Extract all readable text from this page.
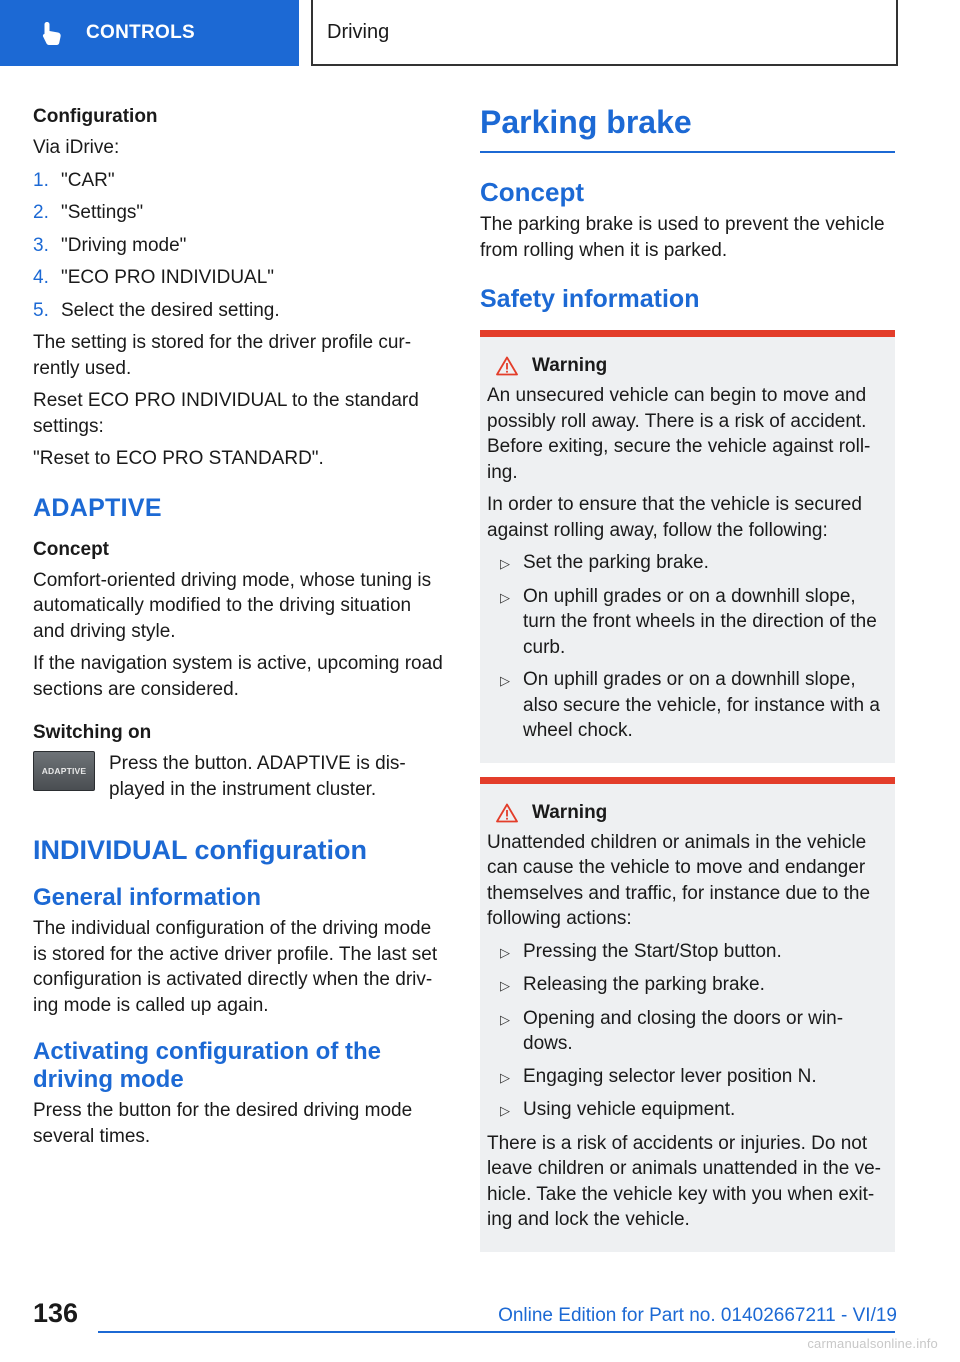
CONTROLS	Driving
Configuration

Via iDrive:

1. "CAR"
2. "Settings"
3. "Driving mode"
4. "ECO PRO INDIVIDUAL"
5. Select the desired setting.

The setting is stored for the driver profile cur-rently used.

Reset ECO PRO INDIVIDUAL to the standard settings:

"Reset to ECO PRO STANDARD".

ADAPTIVE
Concept

Comfort-oriented driving mode, whose tuning is automatically modified to the driving situation and driving style.

If the navigation system is active, upcoming road sections are considered.

Switching on
ADAPTIVE	Press the button. ADAPTIVE is dis-played in the instrument cluster.

INDIVIDUAL configuration
General information

The individual configuration of the driving mode is stored for the active driver profile. The last set configuration is activated directly when the driv-ing mode is called up again.

Activating configuration of the driving mode

Press the button for the desired driving mode several times.

Parking brake
Concept

The parking brake is used to prevent the vehicle from rolling when it is parked.

Safety information
Warning

An unsecured vehicle can begin to move and possibly roll away. There is a risk of accident. Before exiting, secure the vehicle against roll-ing.

In order to ensure that the vehicle is secured against rolling away, follow the following:

▷ Set the parking brake.
▷ On uphill grades or on a downhill slope, turn the front wheels in the direction of the curb.
▷ On uphill grades or on a downhill slope, also secure the vehicle, for instance with a wheel chock.
Warning

Unattended children or animals in the vehicle can cause the vehicle to move and endanger themselves and traffic, for instance due to the following actions:

▷ Pressing the Start/Stop button.
▷ Releasing the parking brake.
▷ Opening and closing the doors or win-dows.
▷ Engaging selector lever position N.
▷ Using vehicle equipment.

There is a risk of accidents or injuries. Do not leave children or animals unattended in the ve-hicle. Take the vehicle key with you when exit-ing and lock the vehicle.

136	Online Edition for Part no. 01402667211 - VI/19
carmanualsonline.info
